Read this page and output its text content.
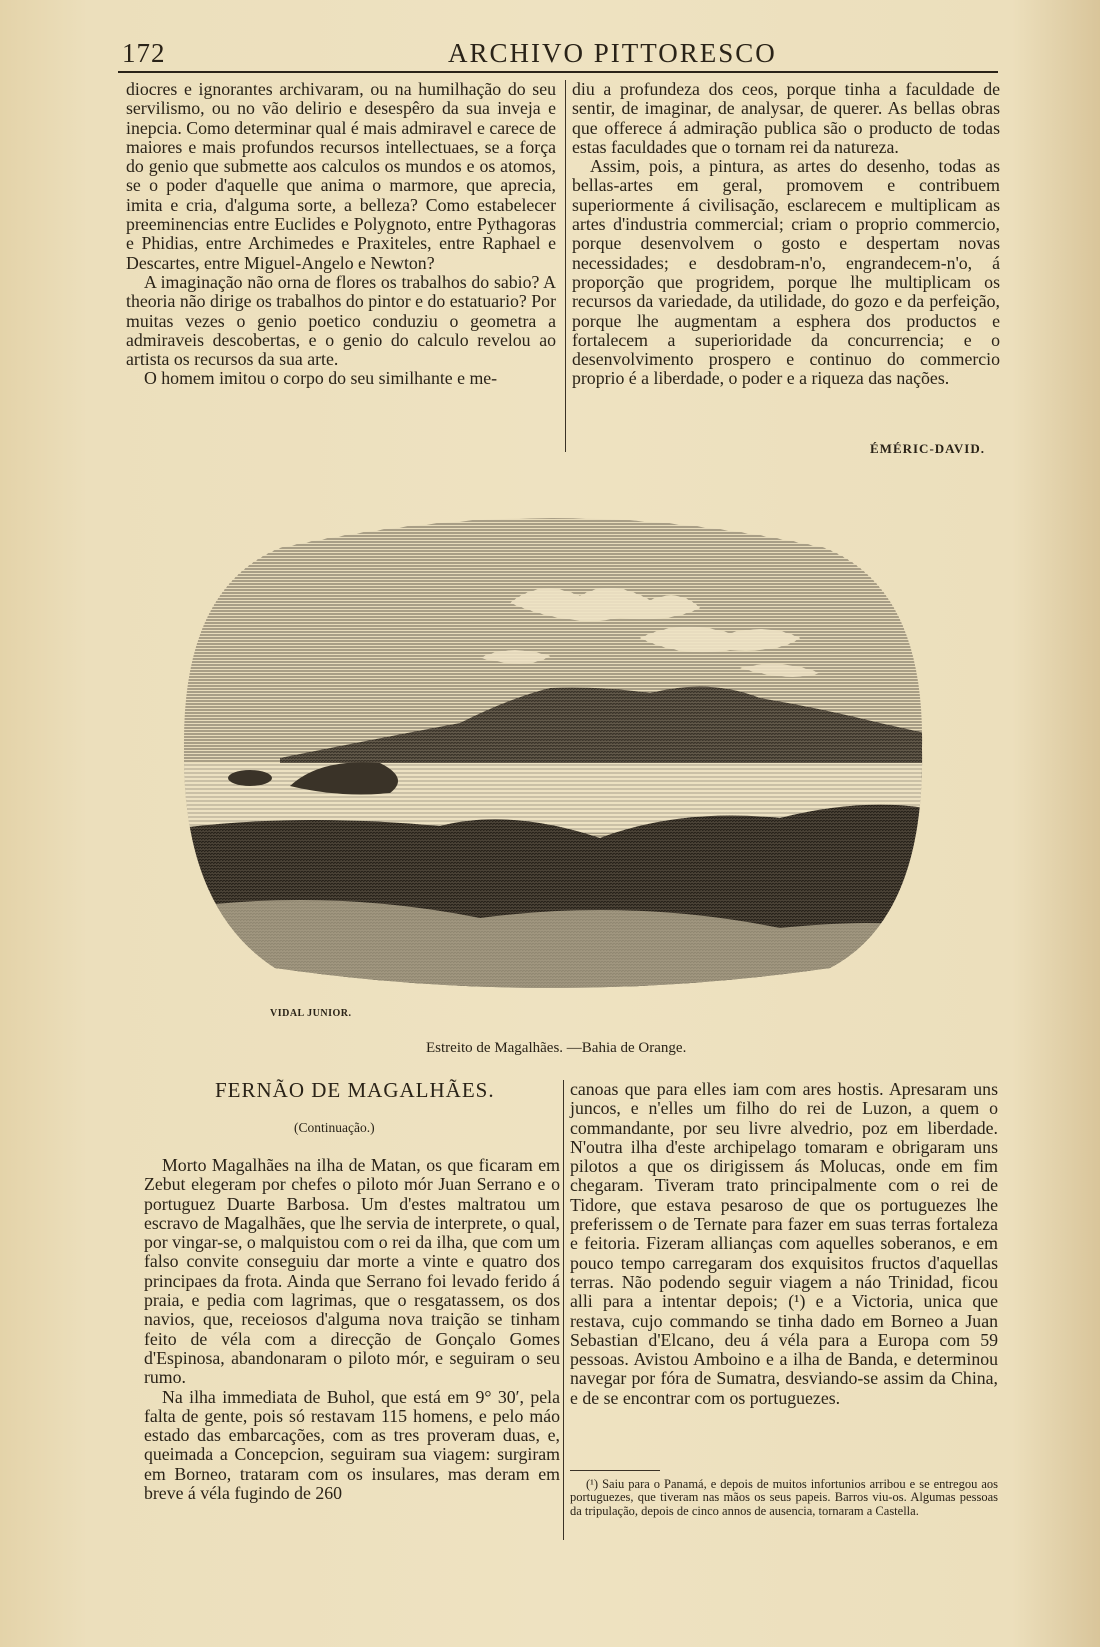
172	ARCHIVO PITTORESCO

diocres e ignorantes archivaram, ou na humilhação do seu servilismo, ou no vão delirio e desespêro da sua inveja e inepcia. Como determinar qual é mais admiravel e carece de maiores e mais profundos recursos intellectuaes, se a força do genio que submette aos calculos os mundos e os atomos, se o poder d'aquelle que anima o marmore, que aprecia, imita e cria, d'alguma sorte, a belleza? Como estabelecer preeminencias entre Euclides e Polygnoto, entre Pythagoras e Phidias, entre Archimedes e Praxiteles, entre Raphael e Descartes, entre Miguel-Angelo e Newton?

A imaginação não orna de flores os trabalhos do sabio? A theoria não dirige os trabalhos do pintor e do estatuario? Por muitas vezes o genio poetico conduziu o geometra a admiraveis descobertas, e o genio do calculo revelou ao artista os recursos da sua arte.

O homem imitou o corpo do seu similhante e me-

diu a profundeza dos ceos, porque tinha a faculdade de sentir, de imaginar, de analysar, de querer. As bellas obras que offerece á admiração publica são o producto de todas estas faculdades que o tornam rei da natureza.

Assim, pois, a pintura, as artes do desenho, todas as bellas-artes em geral, promovem e contribuem superiormente á civilisação, esclarecem e multiplicam as artes d'industria commercial; criam o proprio commercio, porque desenvolvem o gosto e despertam novas necessidades; e desdobram-n'o, engrandecem-n'o, á proporção que progridem, porque lhe multiplicam os recursos da variedade, da utilidade, do gozo e da perfeição, porque lhe augmentam a esphera dos productos e fortalecem a superioridade da concurrencia; e o desenvolvimento prospero e continuo do commercio proprio é a liberdade, o poder e a riqueza das nações.

ÉMÉRIC-DAVID.
VIDAL JUNIOR.
Estreito de Magalhães. —Bahia de Orange.
FERNÃO DE MAGALHÃES.
(Continuação.)

Morto Magalhães na ilha de Matan, os que ficaram em Zebut elegeram por chefes o piloto mór Juan Serrano e o portuguez Duarte Barbosa. Um d'estes maltratou um escravo de Magalhães, que lhe servia de interprete, o qual, por vingar-se, o malquistou com o rei da ilha, que com um falso convite conseguiu dar morte a vinte e quatro dos principaes da frota. Ainda que Serrano foi levado ferido á praia, e pedia com lagrimas, que o resgatassem, os dos navios, que, receiosos d'alguma nova traição se tinham feito de véla com a direcção de Gonçalo Gomes d'Espinosa, abandonaram o piloto mór, e seguiram o seu rumo.

Na ilha immediata de Buhol, que está em 9° 30′, pela falta de gente, pois só restavam 115 homens, e pelo máo estado das embarcações, com as tres proveram duas, e, queimada a Concepcion, seguiram sua viagem: surgiram em Borneo, trataram com os insulares, mas deram em breve á véla fugindo de 260

canoas que para elles iam com ares hostis. Apresaram uns juncos, e n'elles um filho do rei de Luzon, a quem o commandante, por seu livre alvedrio, poz em liberdade. N'outra ilha d'este archipelago tomaram e obrigaram uns pilotos a que os dirigissem ás Molucas, onde em fim chegaram. Tiveram trato principalmente com o rei de Tidore, que estava pesaroso de que os portuguezes lhe preferissem o de Ternate para fazer em suas terras fortaleza e feitoria. Fizeram allianças com aquelles soberanos, e em pouco tempo carregaram dos exquisitos fructos d'aquellas terras. Não podendo seguir viagem a náo Trinidad, ficou alli para a intentar depois; (¹) e a Victoria, unica que restava, cujo commando se tinha dado em Borneo a Juan Sebastian d'Elcano, deu á véla para a Europa com 59 pessoas. Avistou Amboino e a ilha de Banda, e determinou navegar por fóra de Sumatra, desviando-se assim da China, e de se encontrar com os portuguezes.

(¹) Saiu para o Panamá, e depois de muitos infortunios arribou e se entregou aos portuguezes, que tiveram nas mãos os seus papeis. Barros viu-os. Algumas pessoas da tripulação, depois de cinco annos de ausencia, tornaram a Castella.
